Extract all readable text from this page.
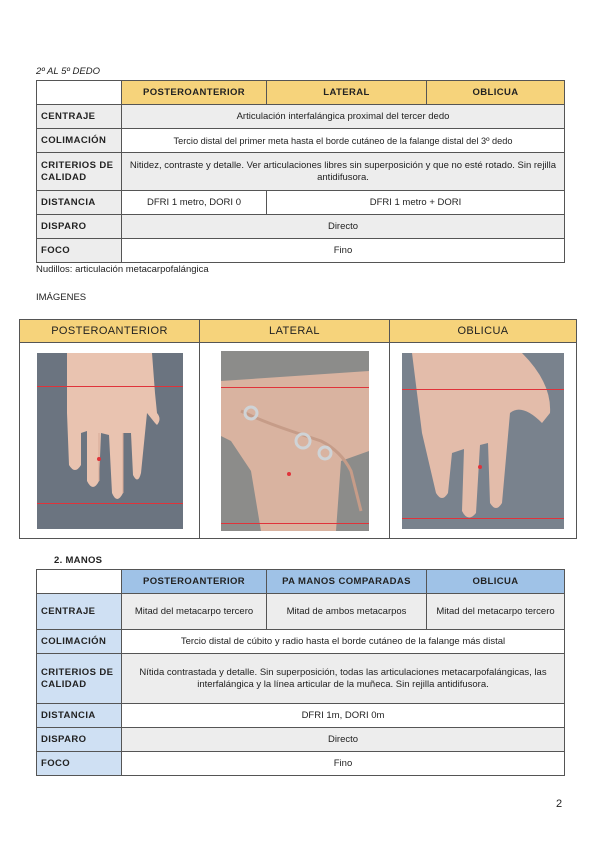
2º AL 5º DEDO
	POSTEROANTERIOR	LATERAL	OBLICUA
CENTRAJE	Articulación interfalángica proximal del tercer dedo		
COLIMACIÓN	Tercio distal del primer meta hasta el borde cutáneo de la falange distal del 3º dedo		
CRITERIOS DE CALIDAD	Nitidez, contraste y detalle. Ver articulaciones libres sin superposición y que no esté rotado. Sin rejilla antidifusora.		
DISTANCIA	DFRI 1 metro, DORI 0	DFRI 1 metro + DORI	
DISPARO	Directo		
FOCO	Fino		
Nudillos: articulación metacarpofalángica
IMÁGENES
POSTEROANTERIOR	LATERAL	OBLICUA

2. MANOS
	POSTEROANTERIOR	PA MANOS COMPARADAS	OBLICUA
CENTRAJE	Mitad del metacarpo tercero	Mitad de ambos metacarpos	Mitad del metacarpo tercero
COLIMACIÓN	Tercio distal de cúbito y radio hasta el borde cutáneo de la falange más distal		
CRITERIOS DE CALIDAD	Nítida contrastada y detalle. Sin superposición, todas las articulaciones metacarpofalángicas, las interfalángica y la línea articular de la muñeca. Sin rejilla antidifusora.		
DISTANCIA	DFRI 1m, DORI 0m		
DISPARO	Directo		
FOCO	Fino		
2
